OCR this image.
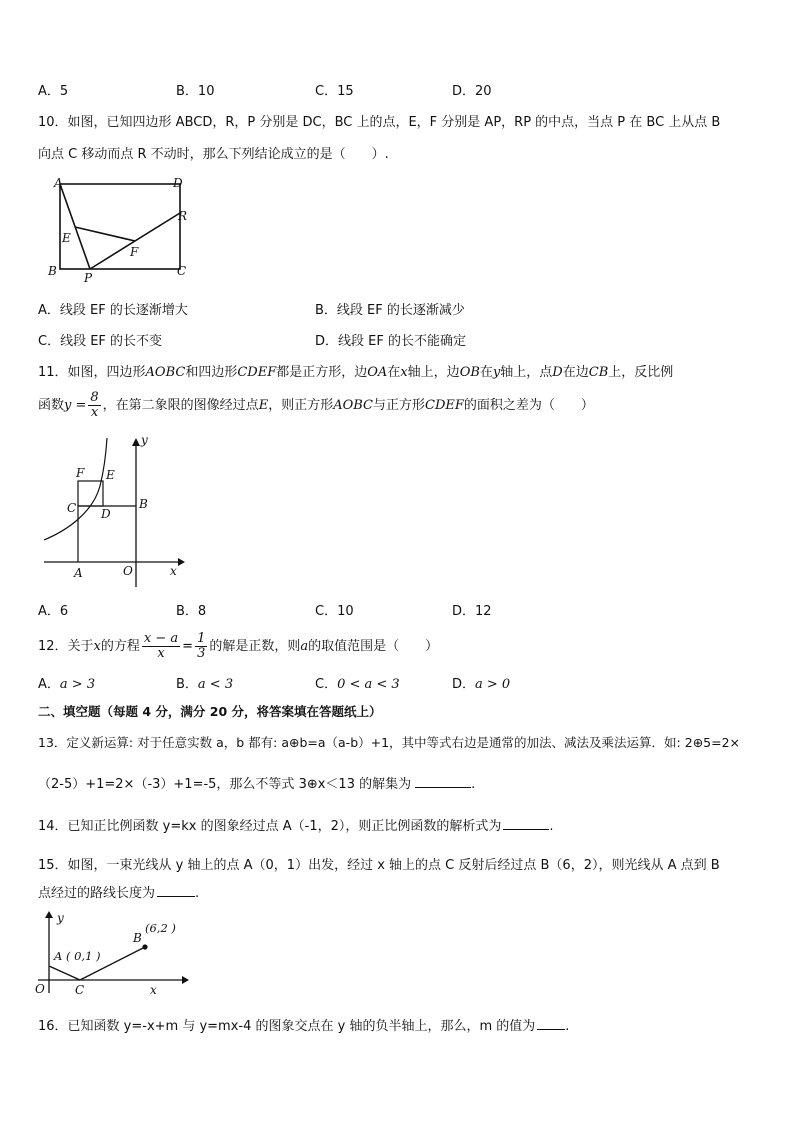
A．5	B．10	C．15	D．20
10．如图，已知四边形 ABCD，R，P 分别是 DC，BC 上的点，E，F 分别是 AP，RP 的中点，当点 P 在 BC 上从点 B
向点 C 移动而点 R 不动时，那么下列结论成立的是（　　）.
A	D
R
E
F
B P	C
A．线段 EF 的长逐渐增大	B．线段 EF 的长逐渐减少
C．线段 EF 的长不变	D．线段 EF 的长不能确定
11．如图，四边形AOBC和四边形CDEF都是正方形，边OA在x轴上，边OB在y轴上，点D在边CB上，反比例
函数$y = \frac{8}{x}$ ，在第二象限的图像经过点E，则正方形AOBC与正方形CDEF的面积之差为（　　）
y
F E
C D
B
A	O	x
A．6	B．8	C．10	D．12
12．关于x的方程 $\frac{x - a}{x} = \frac{1}{3}$ 的解是正数，则a的取值范围是（　　）
A．a > 3	B．a < 3	C．0 < a < 3	D．a > 0
二、填空题（每题 4 分，满分 20 分，将答案填在答题纸上）
13．定义新运算: 对于任意实数 a，b 都有: a⊕b=a（a-b）+1，其中等式右边是通常的加法、减法及乘法运算．如: 2⊕5=2×
（2-5）+1=2×（-3）+1=-5，那么不等式 3⊕x＜13 的解集为	.
14．已知正比例函数 y=kx 的图象经过点 A（-1，2），则正比例函数的解析式为	.
15．如图，一束光线从 y 轴上的点 A（0，1）出发，经过 x 轴上的点 C 反射后经过点 B（6，2），则光线从 A 点到 B
点经过的路线长度为	.
y
A ( 0,1 )
B
(6,2 )
O	C	x
16．已知函数 y=-x+m 与 y=mx-4 的图象交点在 y 轴的负半轴上，那么，m 的值为 .
